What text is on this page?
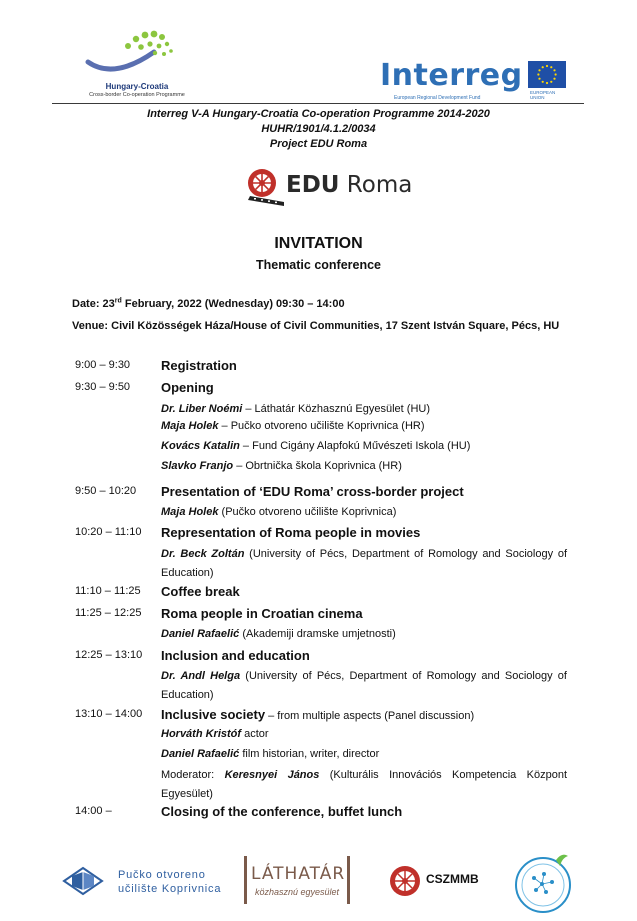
Hungary-Croatia
Cross-border Co-operation Programme
Interreg
European Regional Development Fund
EUROPEAN UNION
Interreg V-A Hungary-Croatia Co-operation Programme 2014-2020
HUHR/1901/4.1.2/0034
Project EDU Roma
EDU Roma
INVITATION
Thematic conference
Date: 23rd February, 2022 (Wednesday) 09:30 – 14:00
Venue: Civil Közösségek Háza/House of Civil Communities, 17 Szent István Square, Pécs, HU
9:00 – 9:30 Registration
9:30 – 9:50 Opening
Dr. Liber Noémi – Láthatár Közhasznú Egyesület (HU)
Maja Holek – Pučko otvoreno učilište Koprivnica (HR)
Kovács Katalin – Fund Cigány Alapfokú Művészeti Iskola (HU)
Slavko Franjo – Obrtnička škola Koprivnica (HR)
9:50 – 10:20 Presentation of ‘EDU Roma’ cross-border project
Maja Holek (Pučko otvoreno učilište Koprivnica)
10:20 – 11:10 Representation of Roma people in movies
Dr. Beck Zoltán (University of Pécs, Department of Romology and Sociology of Education)
11:10 – 11:25 Coffee break
11:25 – 12:25 Roma people in Croatian cinema
Daniel Rafaelić (Akademiji dramske umjetnosti)
12:25 – 13:10 Inclusion and education
Dr. Andl Helga (University of Pécs, Department of Romology and Sociology of Education)
13:10 – 14:00 Inclusive society – from multiple aspects (Panel discussion)
Horváth Kristóf actor
Daniel Rafaelić film historian, writer, director
Moderator: Keresnyei János (Kulturális Innovációs Kompetencia Központ Egyesület)
14:00 –	Closing of the conference, buffet lunch
Pučko otvoreno
učilište Koprivnica
LÁTHATÁR
közhasznú egyesület
CSZMMB
